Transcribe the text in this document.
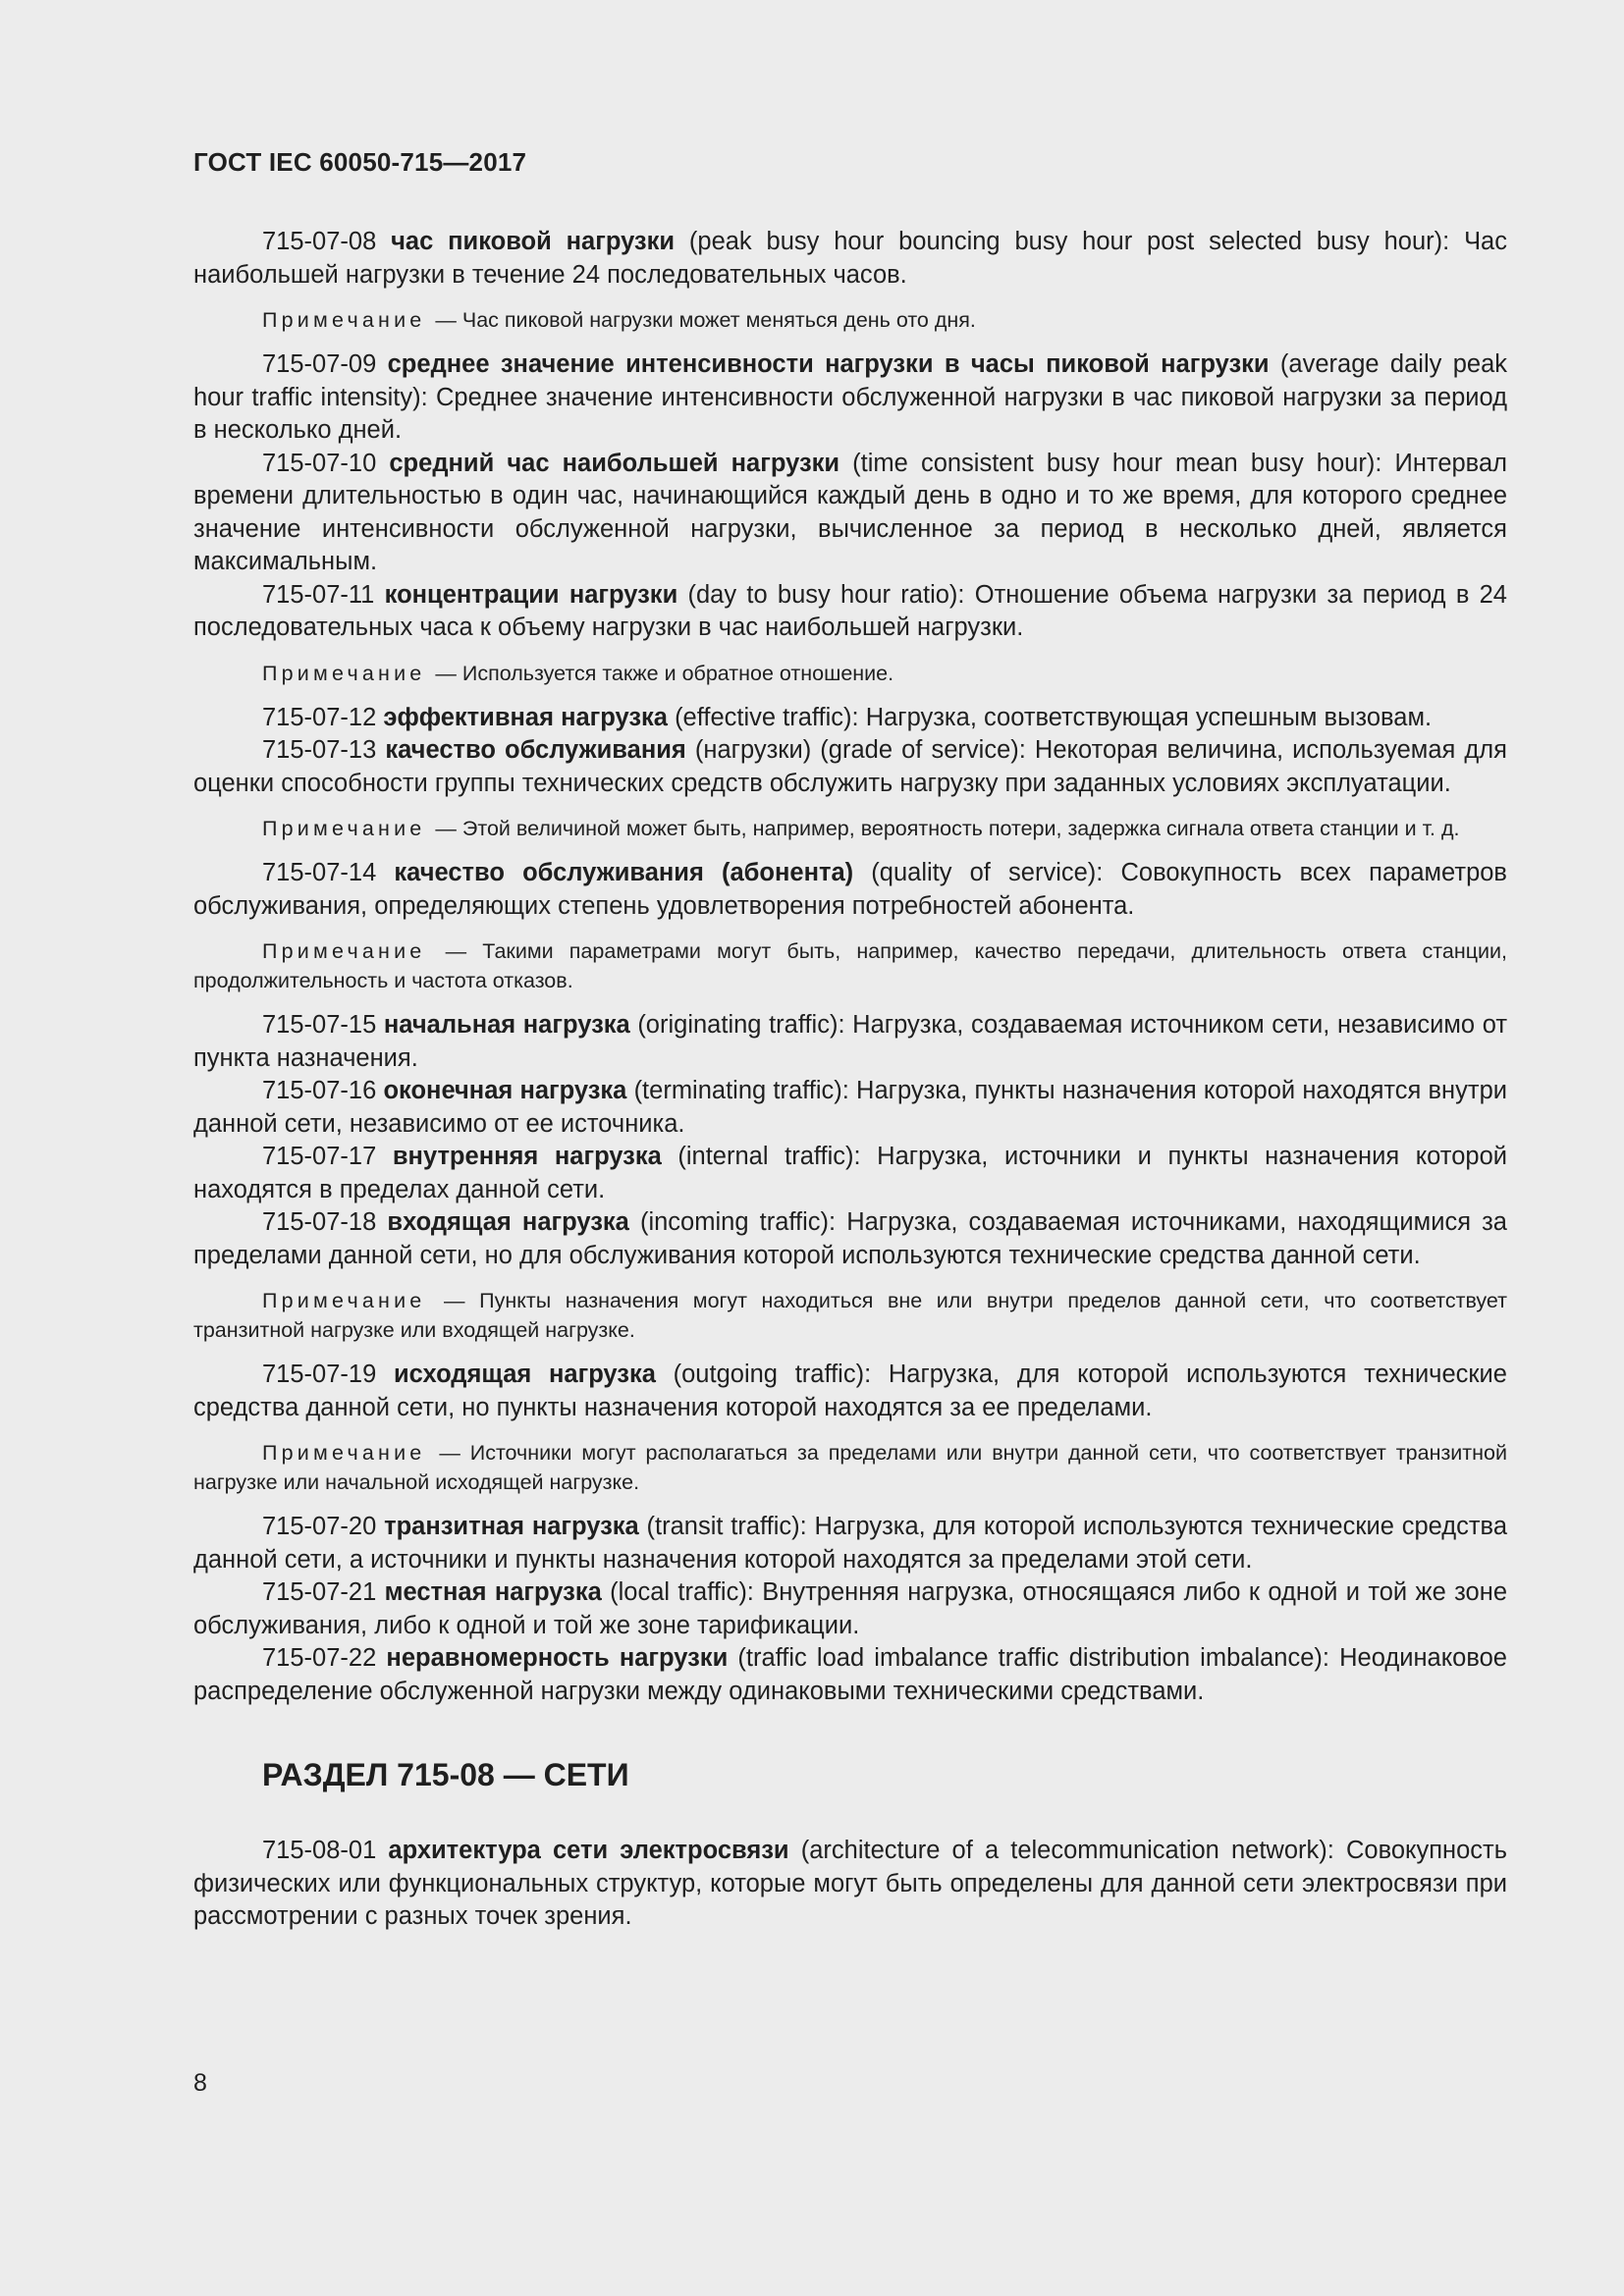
ГОСТ IEC 60050-715—2017

715-07-08 час пиковой нагрузки (peak busy hour bouncing busy hour post selected busy hour): Час наибольшей нагрузки в течение 24 последовательных часов.

Примечание — Час пиковой нагрузки может меняться день ото дня.

715-07-09 среднее значение интенсивности нагрузки в часы пиковой нагрузки (average daily peak hour traffic intensity): Среднее значение интенсивности обслуженной нагрузки в час пиковой нагрузки за период в несколько дней.

715-07-10 средний час наибольшей нагрузки (time consistent busy hour mean busy hour): Интервал времени длительностью в один час, начинающийся каждый день в одно и то же время, для которого среднее значение интенсивности обслуженной нагрузки, вычисленное за период в несколько дней, является максимальным.

715-07-11 концентрации нагрузки (day to busy hour ratio): Отношение объема нагрузки за период в 24 последовательных часа к объему нагрузки в час наибольшей нагрузки.

Примечание — Используется также и обратное отношение.

715-07-12 эффективная нагрузка (effective traffic): Нагрузка, соответствующая успешным вызовам.

715-07-13 качество обслуживания (нагрузки) (grade of service): Некоторая величина, используемая для оценки способности группы технических средств обслужить нагрузку при заданных условиях эксплуатации.

Примечание — Этой величиной может быть, например, вероятность потери, задержка сигнала ответа станции и т. д.

715-07-14 качество обслуживания (абонента) (quality of service): Совокупность всех параметров обслуживания, определяющих степень удовлетворения потребностей абонента.

Примечание — Такими параметрами могут быть, например, качество передачи, длительность ответа станции, продолжительность и частота отказов.

715-07-15 начальная нагрузка (originating traffic): Нагрузка, создаваемая источником сети, независимо от пункта назначения.

715-07-16 оконечная нагрузка (terminating traffic): Нагрузка, пункты назначения которой находятся внутри данной сети, независимо от ее источника.

715-07-17 внутренняя нагрузка (internal traffic): Нагрузка, источники и пункты назначения которой находятся в пределах данной сети.

715-07-18 входящая нагрузка (incoming traffic): Нагрузка, создаваемая источниками, находящимися за пределами данной сети, но для обслуживания которой используются технические средства данной сети.

Примечание — Пункты назначения могут находиться вне или внутри пределов данной сети, что соответствует транзитной нагрузке или входящей нагрузке.

715-07-19 исходящая нагрузка (outgoing traffic): Нагрузка, для которой используются технические средства данной сети, но пункты назначения которой находятся за ее пределами.

Примечание — Источники могут располагаться за пределами или внутри данной сети, что соответствует транзитной нагрузке или начальной исходящей нагрузке.

715-07-20 транзитная нагрузка (transit traffic): Нагрузка, для которой используются технические средства данной сети, а источники и пункты назначения которой находятся за пределами этой сети.

715-07-21 местная нагрузка (local traffic): Внутренняя нагрузка, относящаяся либо к одной и той же зоне обслуживания, либо к одной и той же зоне тарификации.

715-07-22 неравномерность нагрузки (traffic load imbalance traffic distribution imbalance): Неодинаковое распределение обслуженной нагрузки между одинаковыми техническими средствами.

РАЗДЕЛ 715-08 — СЕТИ

715-08-01 архитектура сети электросвязи (architecture of a telecommunication network): Совокупность физических или функциональных структур, которые могут быть определены для данной сети электросвязи при рассмотрении с разных точек зрения.

8
